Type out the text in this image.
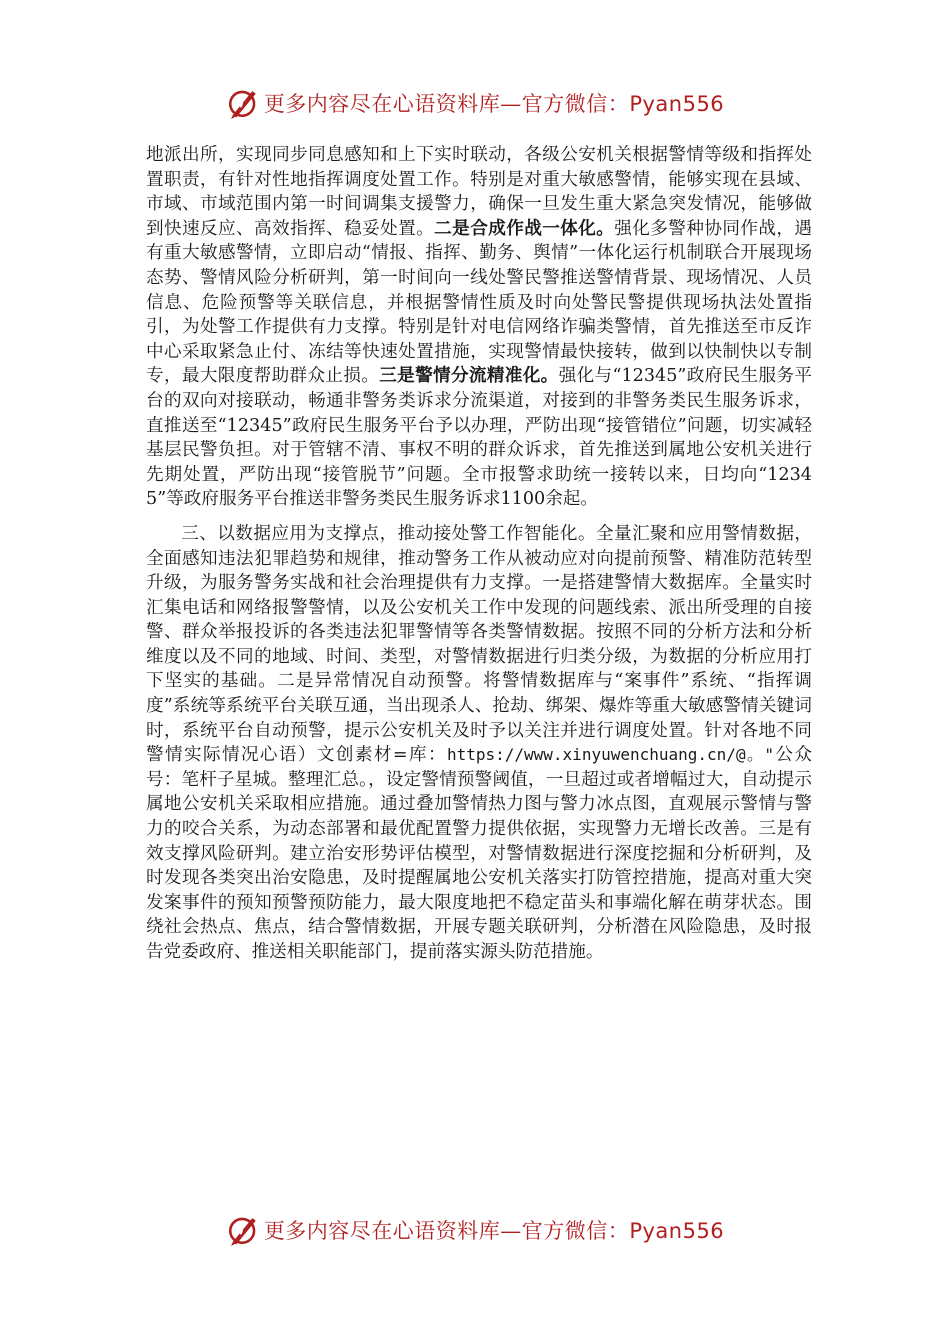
更多内容尽在心语资料库—官方微信：Pyan556

地派出所，实现同步同息感知和上下实时联动，各级公安机关根据警情等级和指挥处置职责，有针对性地指挥调度处置工作。特别是对重大敏感警情，能够实现在县域、市域、市域范围内第一时间调集支援警力，确保一旦发生重大紧急突发情况，能够做到快速反应、高效指挥、稳妥处置。二是合成作战一体化。强化多警种协同作战，遇有重大敏感警情，立即启动“情报、指挥、勤务、舆情”一体化运行机制联合开展现场态势、警情风险分析研判，第一时间向一线处警民警推送警情背景、现场情况、人员信息、危险预警等关联信息，并根据警情性质及时向处警民警提供现场执法处置指引，为处警工作提供有力支撑。特别是针对电信网络诈骗类警情，首先推送至市反诈中心采取紧急止付、冻结等快速处置措施，实现警情最快接转，做到以快制快以专制专，最大限度帮助群众止损。三是警情分流精准化。强化与“12345”政府民生服务平台的双向对接联动，畅通非警务类诉求分流渠道，对接到的非警务类民生服务诉求，直推送至“12345”政府民生服务平台予以办理，严防出现“接管错位”问题，切实减轻基层民警负担。对于管辖不清、事权不明的群众诉求，首先推送到属地公安机关进行先期处置，严防出现“接管脱节”问题。全市报警求助统一接转以来，日均向“12345”等政府服务平台推送非警务类民生服务诉求1100余起。

三、以数据应用为支撑点，推动接处警工作智能化。全量汇聚和应用警情数据，全面感知违法犯罪趋势和规律，推动警务工作从被动应对向提前预警、精准防范转型升级，为服务警务实战和社会治理提供有力支撑。一是搭建警情大数据库。全量实时汇集电话和网络报警警情，以及公安机关工作中发现的问题线索、派出所受理的自接警、群众举报投诉的各类违法犯罪警情等各类警情数据。按照不同的分析方法和分析维度以及不同的地域、时间、类型，对警情数据进行归类分级，为数据的分析应用打下坚实的基础。二是异常情况自动预警。将警情数据库与“案事件”系统、“指挥调度”系统等系统平台关联互通，当出现杀人、抢劫、绑架、爆炸等重大敏感警情关键词时，系统平台自动预警，提示公安机关及时予以关注并进行调度处置。针对各地不同警情实际情况心语）文创素材=库：https://www.xinyuwenchuang.cn/@。"公众号：笔杆子星城。整理汇总。，设定警情预警阈值，一旦超过或者增幅过大，自动提示属地公安机关采取相应措施。通过叠加警情热力图与警力冰点图，直观展示警情与警力的咬合关系，为动态部署和最优配置警力提供依据，实现警力无增长改善。三是有效支撑风险研判。建立治安形势评估模型，对警情数据进行深度挖掘和分析研判，及时发现各类突出治安隐患，及时提醒属地公安机关落实打防管控措施，提高对重大突发案事件的预知预警预防能力，最大限度地把不稳定苗头和事端化解在萌芽状态。围绕社会热点、焦点，结合警情数据，开展专题关联研判，分析潜在风险隐患，及时报告党委政府、推送相关职能部门，提前落实源头防范措施。

更多内容尽在心语资料库—官方微信：Pyan556
